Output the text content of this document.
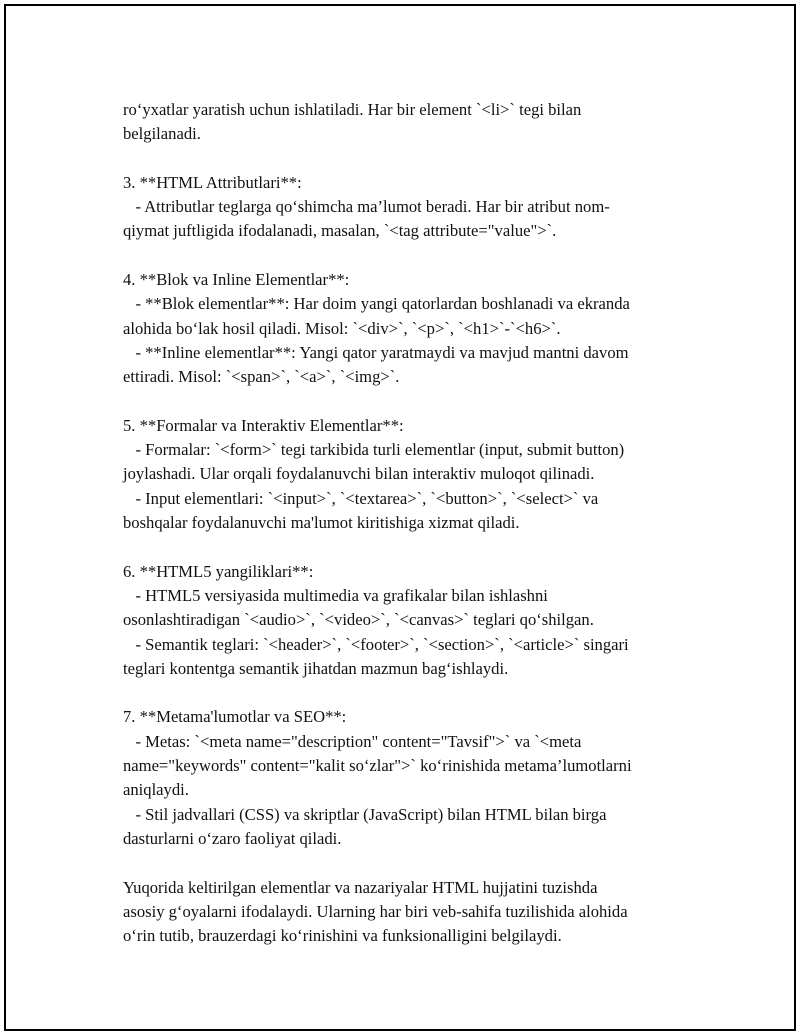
ro‘yxatlar yaratish uchun ishlatiladi. Har bir element `<li>` tegi bilan
belgilanadi.
3. **HTML Attributlari**:
- Attributlar teglarga qo‘shimcha ma’lumot beradi. Har bir atribut nom-
qiymat juftligida ifodalanadi, masalan, `<tag attribute="value">`.
4. **Blok va Inline Elementlar**:
- **Blok elementlar**: Har doim yangi qatorlardan boshlanadi va ekranda
alohida bo‘lak hosil qiladi. Misol: `<div>`, `<p>`, `<h1>`-`<h6>`.
- **Inline elementlar**: Yangi qator yaratmaydi va mavjud mantni davom
ettiradi. Misol: `<span>`, `<a>`, `<img>`.
5. **Formalar va Interaktiv Elementlar**:
- Formalar: `<form>` tegi tarkibida turli elementlar (input, submit button)
joylashadi. Ular orqali foydalanuvchi bilan interaktiv muloqot qilinadi.
- Input elementlari: `<input>`, `<textarea>`, `<button>`, `<select>` va
boshqalar foydalanuvchi ma'lumot kiritishiga xizmat qiladi.
6. **HTML5 yangiliklari**:
- HTML5 versiyasida multimedia va grafikalar bilan ishlashni
osonlashtiradigan `<audio>`, `<video>`, `<canvas>` teglari qo‘shilgan.
- Semantik teglari: `<header>`, `<footer>`, `<section>`, `<article>` singari
teglari kontentga semantik jihatdan mazmun bag‘ishlaydi.
7. **Metama'lumotlar va SEO**:
- Metas: `<meta name="description" content="Tavsif">` va `<meta
name="keywords" content="kalit so‘zlar">` ko‘rinishida metama’lumotlarni
aniqlaydi.
- Stil jadvallari (CSS) va skriptlar (JavaScript) bilan HTML bilan birga
dasturlarni o‘zaro faoliyat qiladi.
Yuqorida keltirilgan elementlar va nazariyalar HTML hujjatini tuzishda
asosiy g‘oyalarni ifodalaydi. Ularning har biri veb-sahifa tuzilishida alohida
o‘rin tutib, brauzerdagi ko‘rinishini va funksionalligini belgilaydi.
